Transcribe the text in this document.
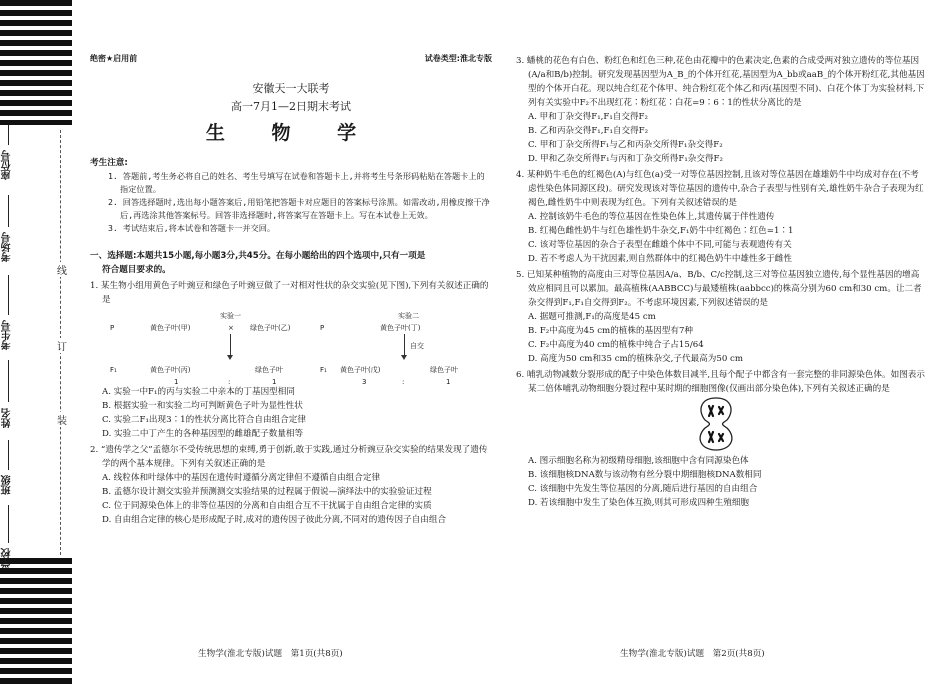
座位号
考场号
考生号
姓名
班级
学校
线
订
装
绝密★启用前	试卷类型:淮北专版
安徽天一大联考
高一7月1—2日期末考试
生 物 学
考生注意:
1. 答题前,考生务必将自己的姓名、考生号填写在试卷和答题卡上,并将考生号条形码粘贴在答题卡上的指定位置。
2. 回答选择题时,选出每小题答案后,用铅笔把答题卡对应题目的答案标号涂黑。如需改动,用橡皮擦干净后,再选涂其他答案标号。回答非选择题时,将答案写在答题卡上。写在本试卷上无效。
3. 考试结束后,将本试卷和答题卡一并交回。
一、选择题:本题共15小题,每小题3分,共45分。在每小题给出的四个选项中,只有一项是
符合题目要求的。
1. 某生物小组用黄色子叶豌豆和绿色子叶豌豆做了一对相对性状的杂交实验(见下图),下列有关叙述正确的是
实验一	实验二
P	黄色子叶(甲)	× 绿色子叶(乙)	P	黄色子叶(丁)
自交
F₁	黄色子叶(丙)	绿色子叶	F₁ 黄色子叶(戊)	绿色子叶
1	:	1	3	:	1
A. 实验一中F₁的丙与实验二中亲本的丁基因型相同
B. 根据实验一和实验二均可判断黄色子叶为显性性状
C. 实验二F₁出现3∶1的性状分离比符合自由组合定律
D. 实验二中丁产生的各种基因型的雌雄配子数量相等
2. “遗传学之父”孟德尔不受传统思想的束缚,勇于创新,敢于实践,通过分析豌豆杂交实验的结果发现了遗传学的两个基本规律。下列有关叙述正确的是
A. 线粒体和叶绿体中的基因在遗传时遵循分离定律但不遵循自由组合定律
B. 孟德尔设计测交实验并预测测交实验结果的过程属于假说—演绎法中的实验验证过程
C. 位于同源染色体上的非等位基因的分离和自由组合互不干扰属于自由组合定律的实质
D. 自由组合定律的核心是形成配子时,成对的遗传因子彼此分离,不同对的遗传因子自由组合
3. 蟠桃的花色有白色、粉红色和红色三种,花色由花瓣中的色素决定,色素的合成受两对独立遗传的等位基因(A/a和B/b)控制。研究发现基因型为A_B_的个体开红花,基因型为A_bb或aaB_的个体开粉红花,其他基因型的个体开白花。现以纯合红花个体甲、纯合粉红花个体乙和丙(基因型不同)、白花个体丁为实验材料,下列有关实验中F₂不出现红花∶粉红花∶白花=9∶6∶1的性状分离比的是
A. 甲和丁杂交得F₁,F₁自交得F₂
B. 乙和丙杂交得F₁,F₁自交得F₂
C. 甲和丁杂交所得F₁与乙和丙杂交所得F₁杂交得F₂
D. 甲和乙杂交所得F₁与丙和丁杂交所得F₁杂交得F₂
4. 某种奶牛毛色的红褐色(A)与红色(a)受一对等位基因控制,且该对等位基因在雄雄奶牛中均成对存在(不考虑性染色体同源区段)。研究发现该对等位基因的遗传中,杂合子表型与性别有关,雄性奶牛杂合子表现为红褐色,雌性奶牛中则表现为红色。下列有关叙述错误的是
A. 控制该奶牛毛色的等位基因在性染色体上,其遗传属于伴性遗传
B. 红褐色雌性奶牛与红色雄性奶牛杂交,F₁奶牛中红褐色∶红色=1∶1
C. 该对等位基因的杂合子表型在雌雄个体中不同,可能与表观遗传有关
D. 若不考虑人为干扰因素,则自然群体中的红褐色奶牛中雄性多于雌性
5. 已知某种植物的高度由三对等位基因A/a、B/b、C/c控制,这三对等位基因独立遗传,每个显性基因的增高效应相同且可以累加。最高植株(AABBCC)与最矮植株(aabbcc)的株高分别为60 cm和30 cm。让二者杂交得到F₁,F₁自交得到F₂。不考虑环境因素,下列叙述错误的是
A. 据题可推测,F₁的高度是45 cm
B. F₂中高度为45 cm的植株的基因型有7种
C. F₂中高度为40 cm的植株中纯合子占15/64
D. 高度为50 cm和35 cm的植株杂交,子代最高为50 cm
6. 哺乳动物减数分裂形成的配子中染色体数目减半,且每个配子中都含有一套完整的非同源染色体。如图表示某二倍体哺乳动物细胞分裂过程中某时期的细胞图像(仅画出部分染色体),下列有关叙述正确的是
A. 图示细胞名称为初级精母细胞,该细胞中含有同源染色体
B. 该细胞核DNA数与该动物有丝分裂中期细胞核DNA数相同
C. 该细胞中先发生等位基因的分离,随后进行基因的自由组合
D. 若该细胞中发生了染色体互换,则其可形成四种生殖细胞
生物学(淮北专版)试题　第1页(共8页)	生物学(淮北专版)试题　第2页(共8页)
